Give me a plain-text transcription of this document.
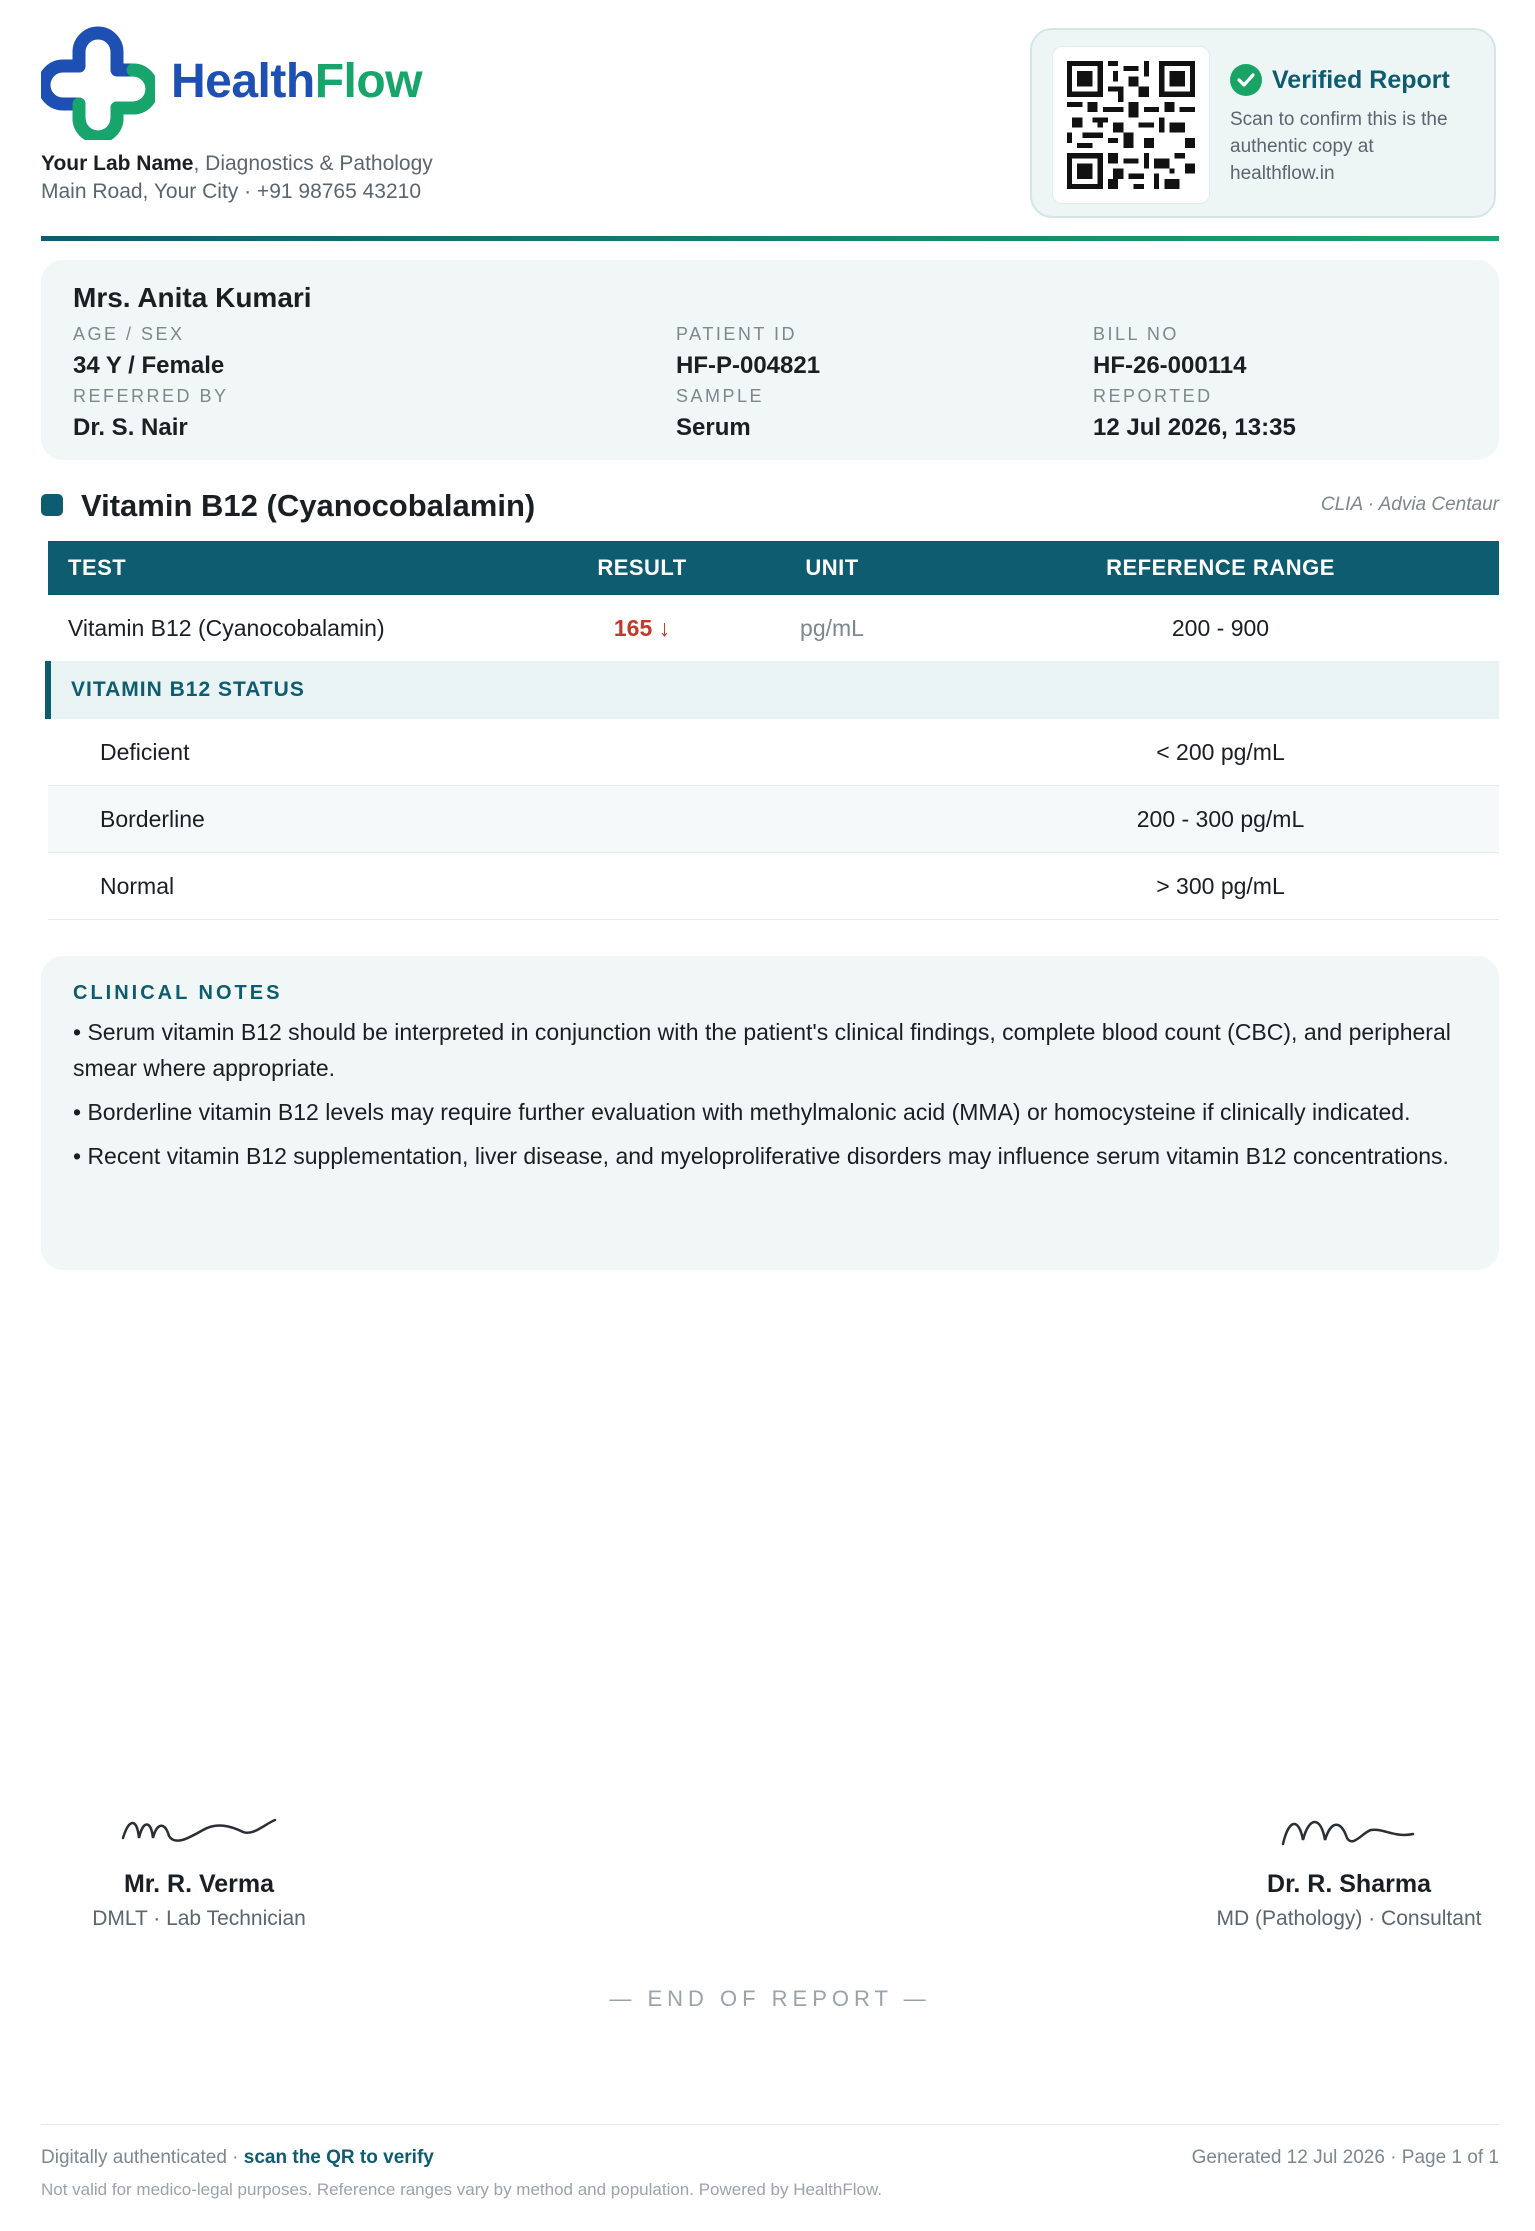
HealthFlow
Your Lab Name, Diagnostics & Pathology
Main Road, Your City · +91 98765 43210
Verified Report
Scan to confirm this is the authentic copy at healthflow.in
Mrs. Anita Kumari
AGE / SEX
34 Y / Female
REFERRED BY
Dr. S. Nair
PATIENT ID
HF-P-004821
SAMPLE
Serum
BILL NO
HF-26-000114
REPORTED
12 Jul 2026, 13:35
Vitamin B12 (Cyanocobalamin)	CLIA · Advia Centaur
TEST	RESULT	UNIT	REFERENCE RANGE
Vitamin B12 (Cyanocobalamin)	165 ↓	pg/mL	200 - 900
VITAMIN B12 STATUS			
Deficient			< 200 pg/mL
Borderline			200 - 300 pg/mL
Normal			> 300 pg/mL
CLINICAL NOTES
• Serum vitamin B12 should be interpreted in conjunction with the patient's clinical findings, complete blood count (CBC), and peripheral smear where appropriate.
• Borderline vitamin B12 levels may require further evaluation with methylmalonic acid (MMA) or homocysteine if clinically indicated.
• Recent vitamin B12 supplementation, liver disease, and myeloproliferative disorders may influence serum vitamin B12 concentrations.
Mr. R. Verma
DMLT · Lab Technician
Dr. R. Sharma
MD (Pathology) · Consultant
— END OF REPORT —
Digitally authenticated · scan the QR to verify	Generated 12 Jul 2026 · Page 1 of 1
Not valid for medico-legal purposes. Reference ranges vary by method and population. Powered by HealthFlow.
